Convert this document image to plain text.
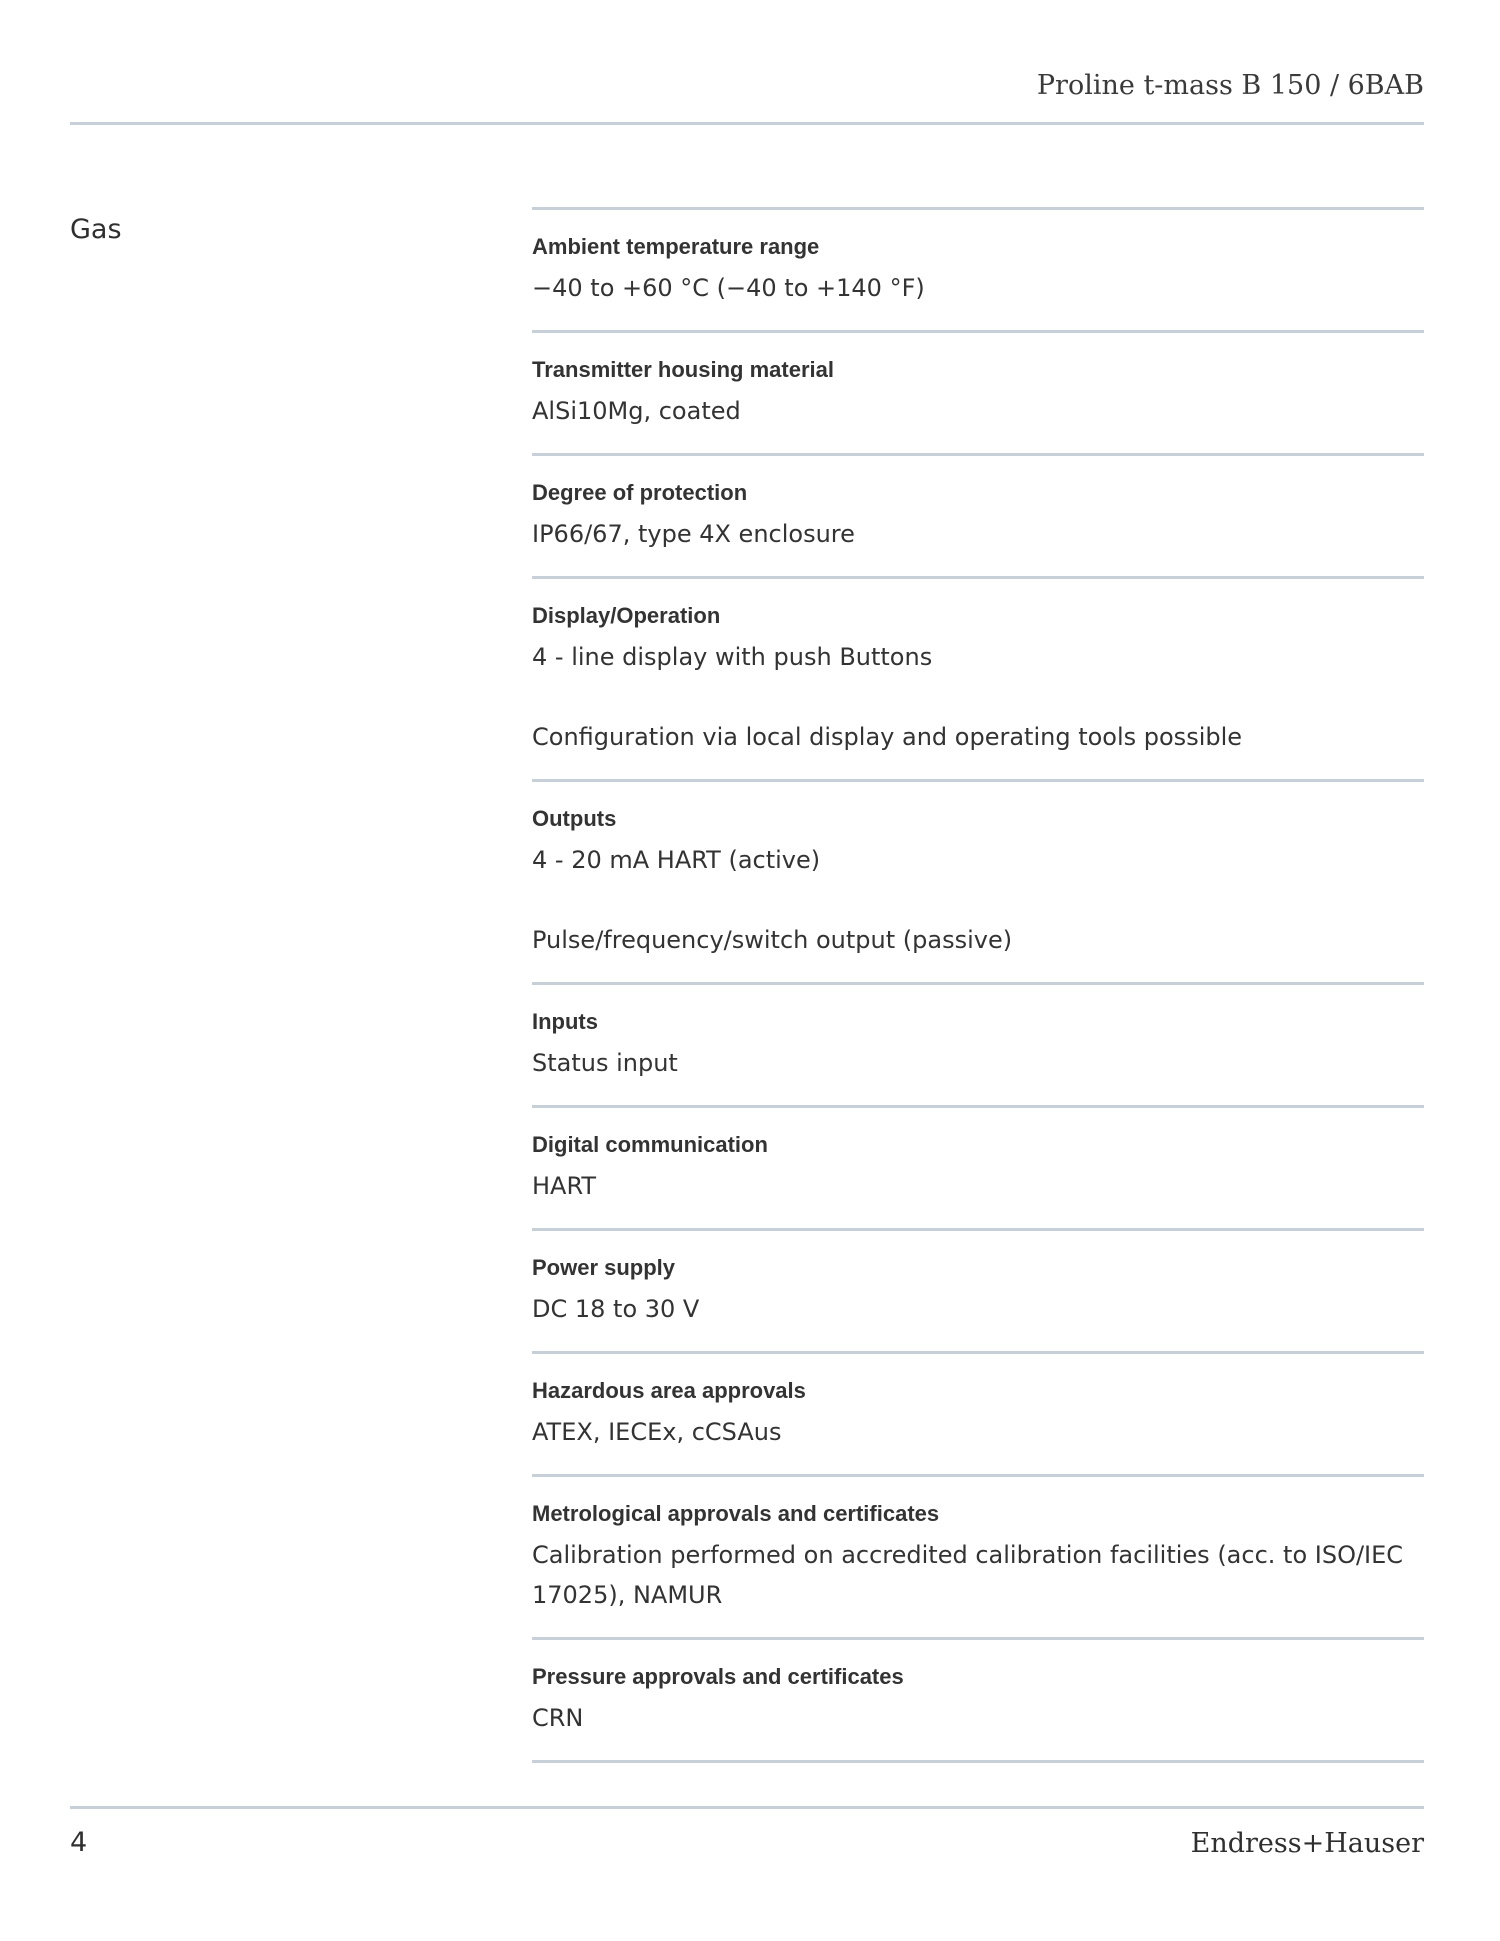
Proline t-mass B 150 / 6BAB
Gas
Ambient temperature range
−40 to +60 °C (−40 to +140 °F)
Transmitter housing material
AlSi10Mg, coated
Degree of protection
IP66/67, type 4X enclosure
Display/Operation
4 ‐ line display with push Buttons
Configuration via local display and operating tools possible
Outputs
4 ‐ 20 mA HART (active)
Pulse/frequency/switch output (passive)
Inputs
Status input
Digital communication
HART
Power supply
DC 18 to 30 V
Hazardous area approvals
ATEX, IECEx, cCSAus
Metrological approvals and certificates
Calibration performed on accredited calibration facilities (acc. to ISO/IEC 17025), NAMUR
Pressure approvals and certificates
CRN
4	Endress+Hauser
